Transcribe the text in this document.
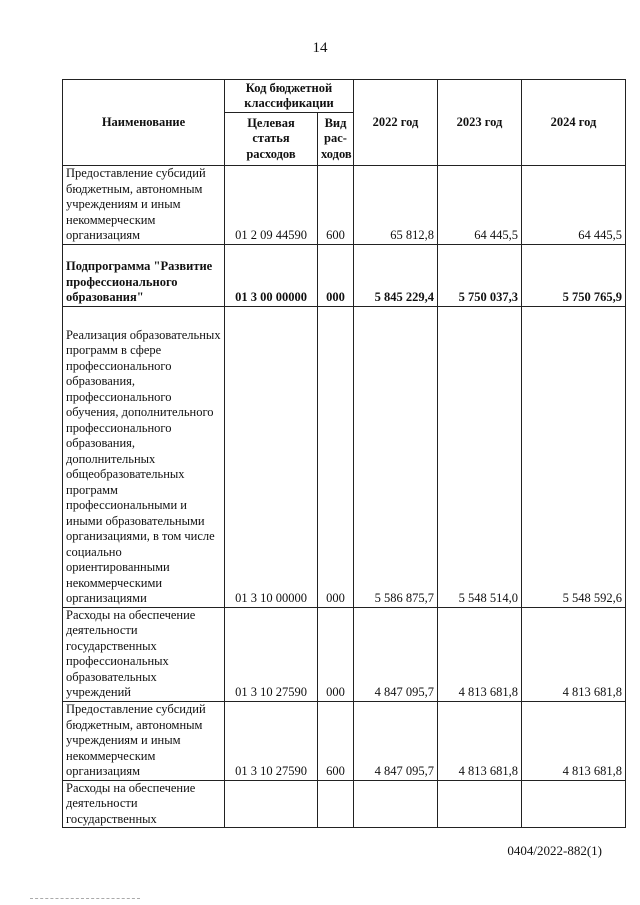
14
Наименование	Код бюджетной классификации		2022 год	2023 год	2024 год
	Целевая статья расходов	Вид рас-ходов			

Предоставление субсидий бюджетным, автономным учреждениям и иным некоммерческим организациям	01 2 09 44590	600	65 812,8	64 445,5	64 445,5

Подпрограмма "Развитие профессионального образования"	01 3 00 00000	000	5 845 229,4	5 750 037,3	5 750 765,9

Реализация образовательных программ в сфере профессионального образования, профессионального обучения, дополнительного профессионального образования, дополнительных общеобразовательных программ профессиональными и иными образовательными организациями, в том числе социально ориентированными некоммерческими организациями	01 3 10 00000	000	5 586 875,7	5 548 514,0	5 548 592,6

Расходы на обеспечение деятельности государственных профессиональных образовательных учреждений	01 3 10 27590	000	4 847 095,7	4 813 681,8	4 813 681,8

Предоставление субсидий бюджетным, автономным учреждениям и иным некоммерческим организациям	01 3 10 27590	600	4 847 095,7	4 813 681,8	4 813 681,8

Расходы на обеспечение деятельности государственных					

0404/2022-882(1)
